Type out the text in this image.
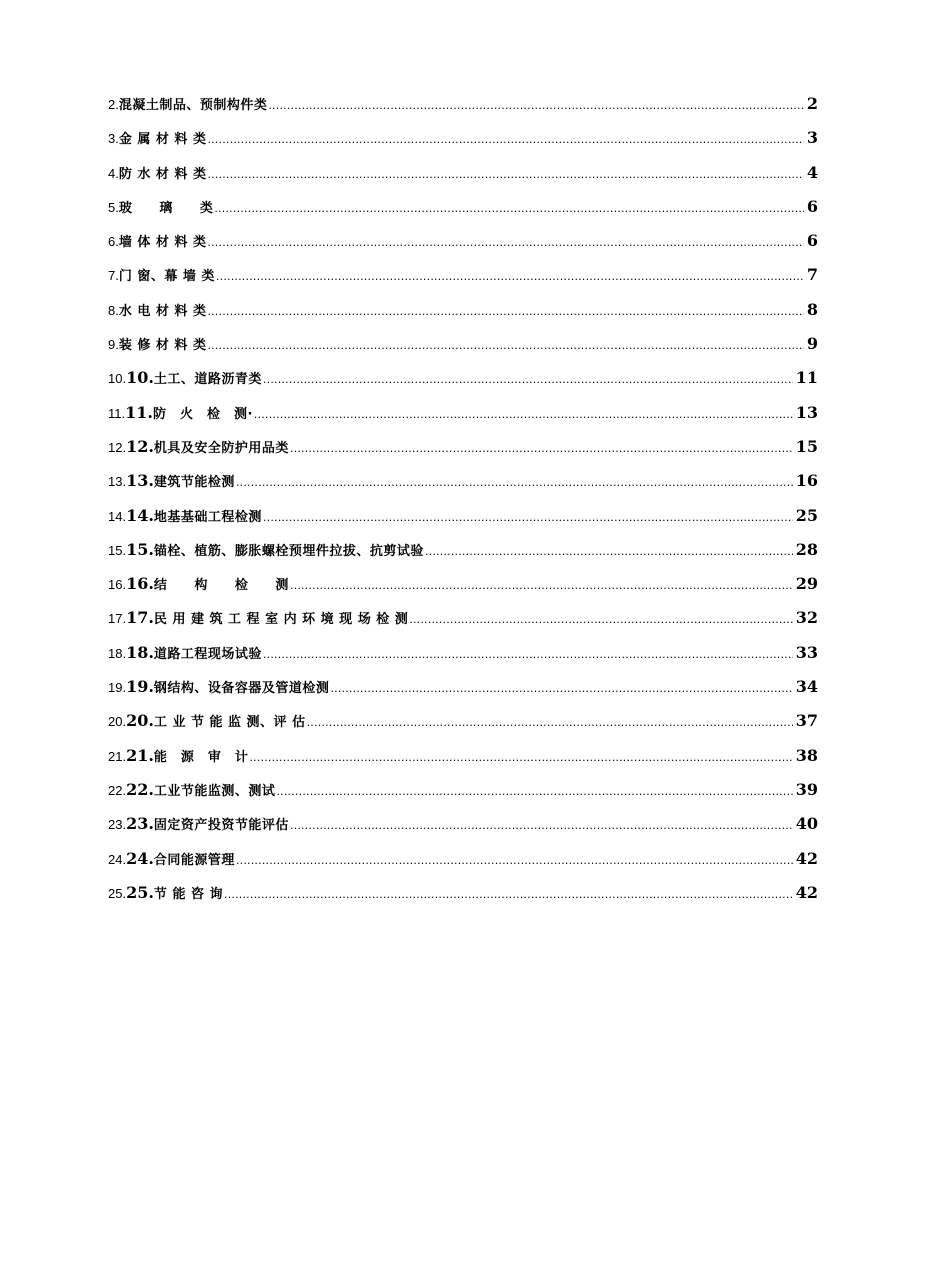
2. 混凝土制品、预制构件类 .....	2
3. 金 属 材 料 类 .....	3
4. 防 水 材 料 类 .....	4
5. 玻　　璃　　类 .....	6
6. 墙 体 材 料 类 .....	6
7. 门 窗、幕 墙 类 .....	7
8. 水 电 材 料 类 .....	8
9. 装 修 材 料 类 .....	9
10. 10. 土工、道路沥青类 .....	11
11. 11. 防　火　检　测· .....	13
12. 12. 机具及安全防护用品类 .....	15
13. 13. 建筑节能检测 .....	16
14. 14. 地基基础工程检测 .....	25
15. 15. 锚栓、植筋、膨胀螺栓预埋件拉拔、抗剪试验 .....	28
16. 16. 结　　构　　检　　测 .....	29
17. 17. 民 用 建 筑 工 程 室 内 环 境 现 场 检 测 .....	32
18. 18. 道路工程现场试验 .....	33
19. 19. 钢结构、设备容器及管道检测 .....	34
20. 20. 工 业 节 能 监 测、评 估 .....	37
21. 21. 能　源　审　计 .....	38
22. 22. 工业节能监测、测试 .....	39
23. 23. 固定资产投资节能评估 .....	40
24. 24. 合同能源管理 .....	42
25. 25. 节 能 咨 询 .....	42
